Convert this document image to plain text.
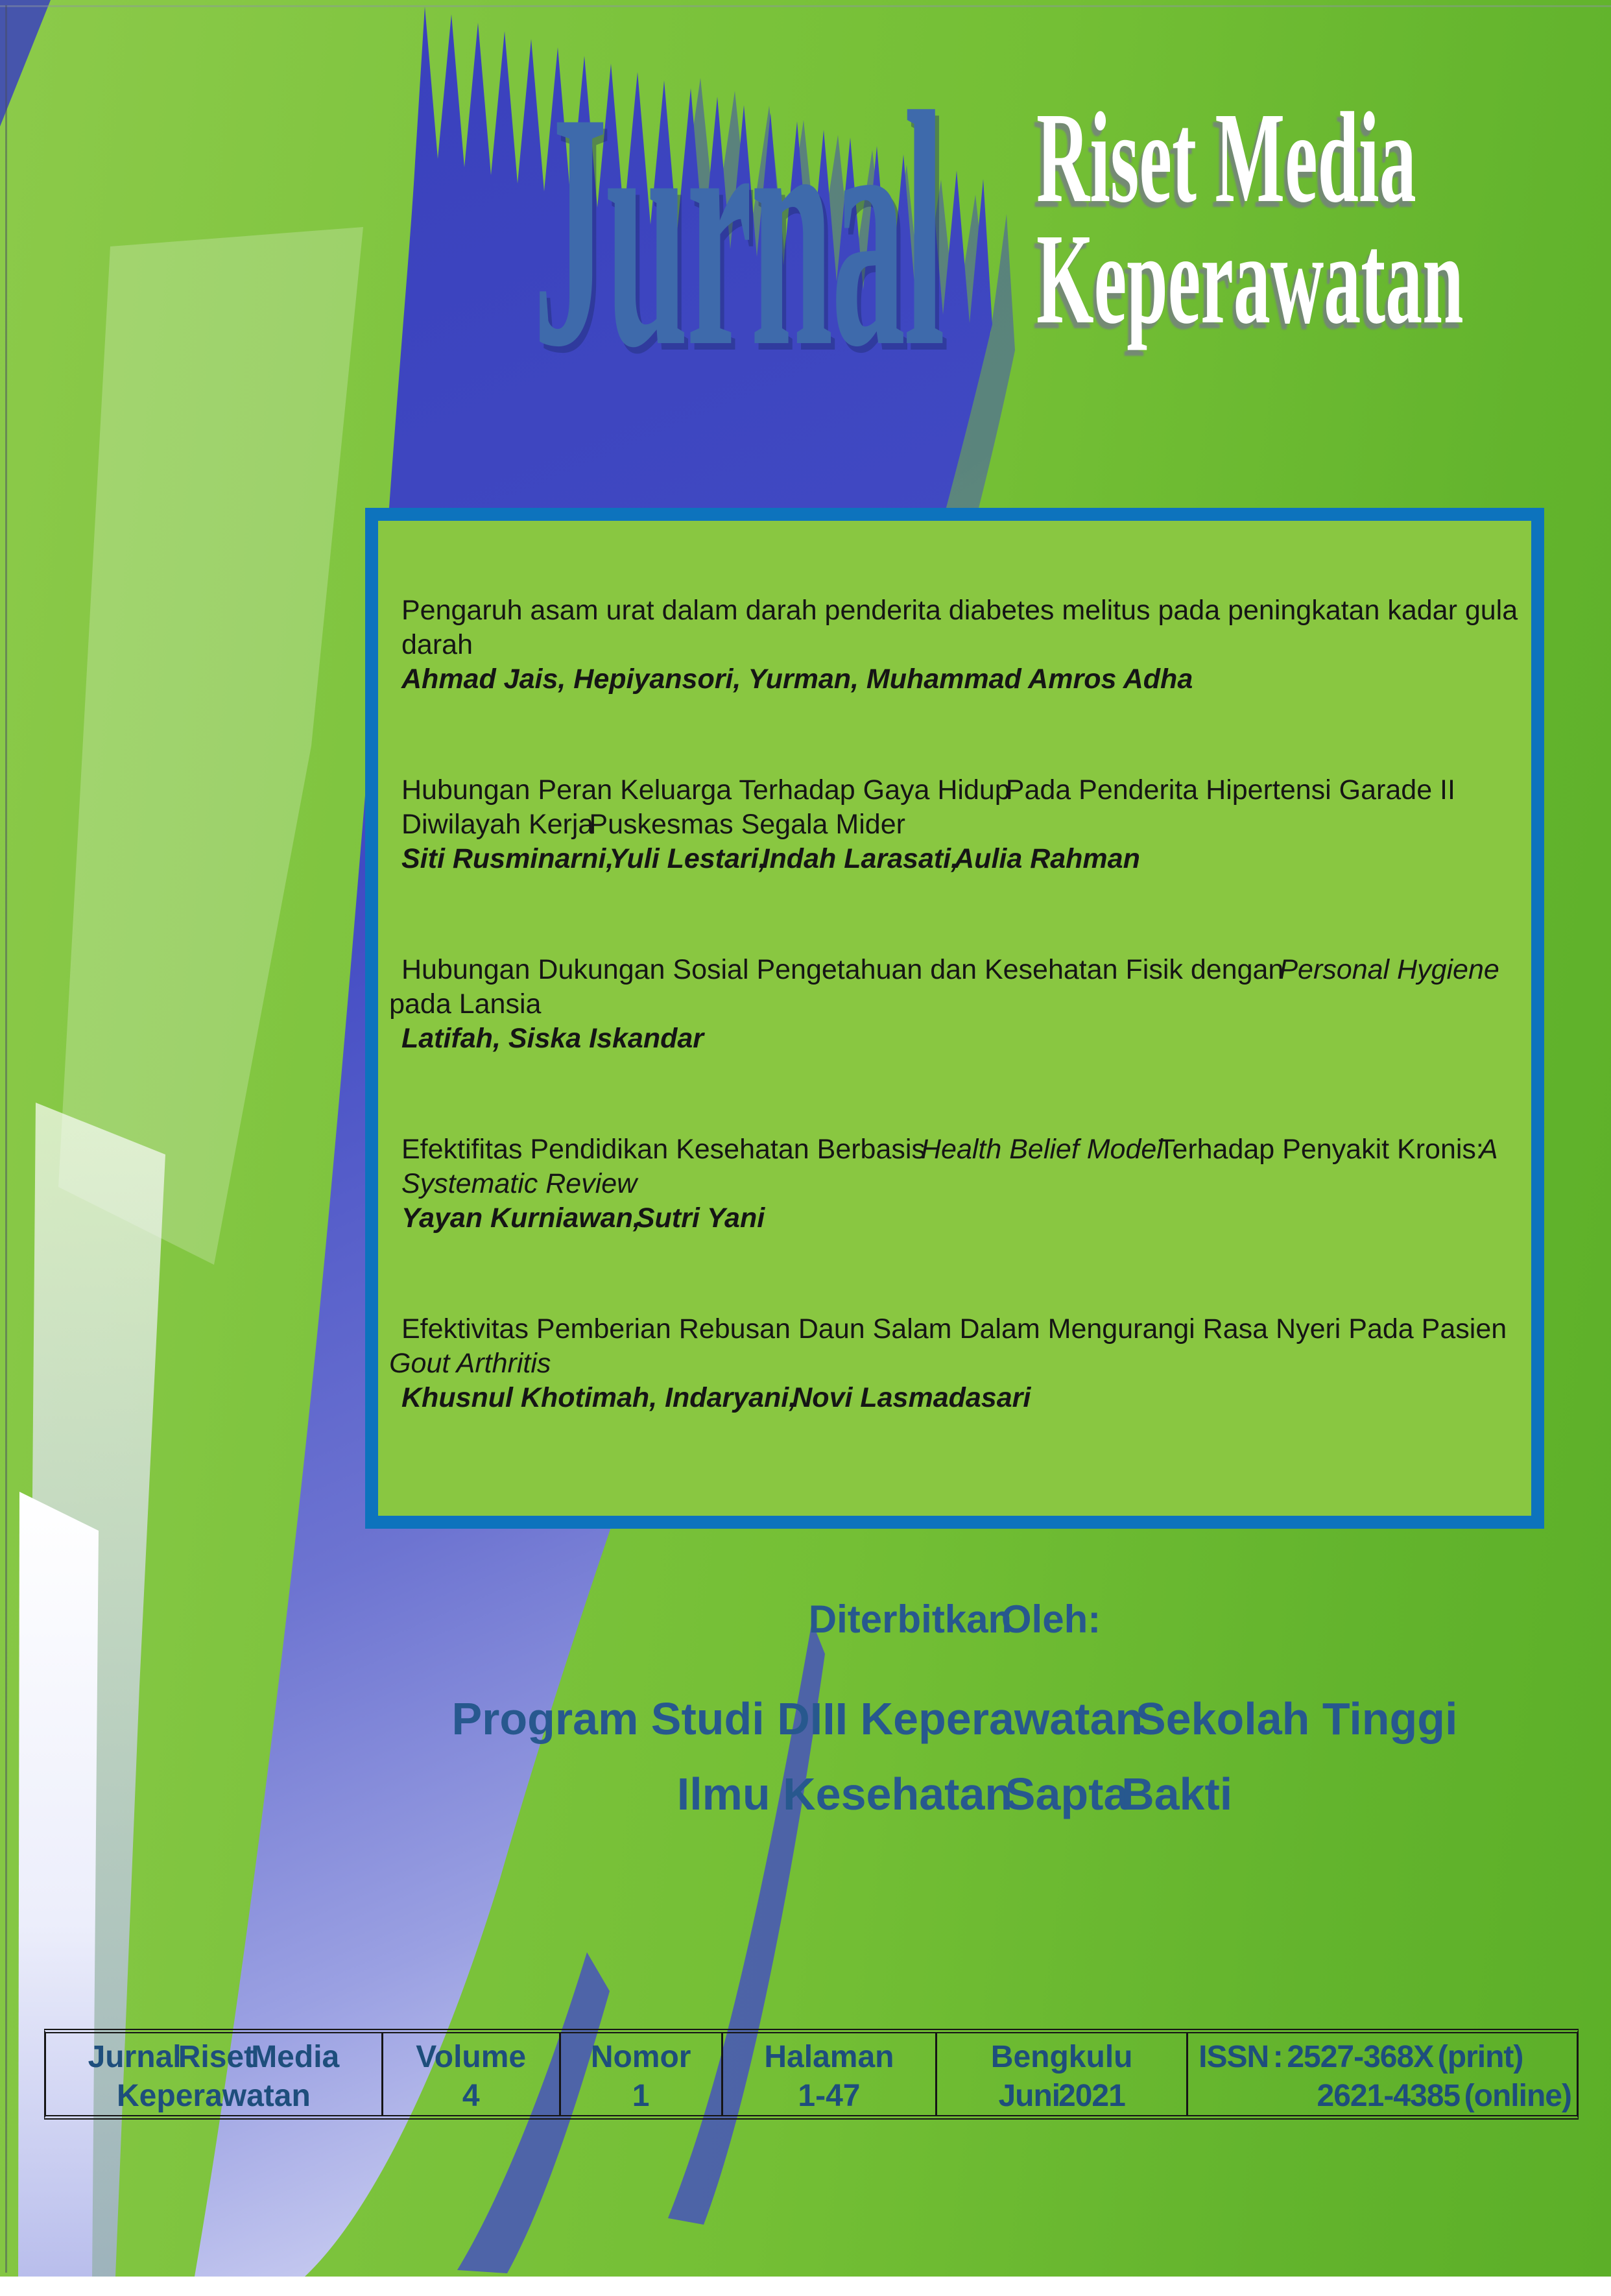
Jurnal Riset Media
Keperawatan
Pengaruh asam urat dalam darah penderita diabetes melitus pada peningkatan kadar gula darah
Ahmad Jais, Hepiyansori, Yurman, Muhammad Amros Adha
Hubungan Peran Keluarga Terhadap Gaya Hidup Pada Penderita Hipertensi Garade II Diwilayah Kerja Puskesmas Segala Mider
Siti Rusminarni, Yuli Lestari, Indah Larasati, Aulia Rahman
Hubungan Dukungan Sosial Pengetahuan dan Kesehatan Fisik dengan Personal Hygiene pada Lansia
Latifah, Siska Iskandar
Efektifitas Pendidikan Kesehatan Berbasis Health Belief Model Terhadap Penyakit Kronis: A Systematic Review
Yayan Kurniawan, Sutri Yani
Efektivitas Pemberian Rebusan Daun Salam Dalam Mengurangi Rasa Nyeri Pada Pasien Gout Arthritis
Khusnul Khotimah, Indaryani, Novi Lasmadasari
Diterbitkan Oleh:
Program Studi DIII Keperawatan Sekolah Tinggi
Ilmu Kesehatan Sapta Bakti
Jurnal Riset Media
Keperawatan
Volume
4
Nomor
1
Halaman
1-47
Bengkulu
Juni 2021
ISSN : 2527-368X (print)
2621-4385 (online)
